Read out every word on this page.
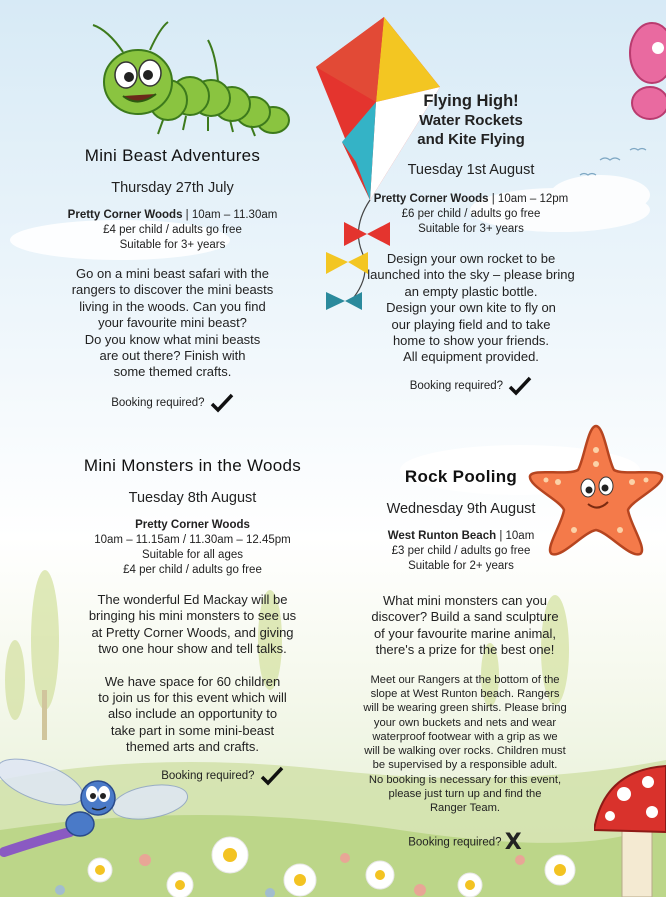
Mini Beast Adventures
Thursday 27th July
Pretty Corner Woods | 10am – 11.30am
£4 per child / adults go free
Suitable for 3+ years
Go on a mini beast safari with the
rangers to discover the mini beasts
living in the woods. Can you find
your favourite mini beast?
Do you know what mini beasts
are out there? Finish with
some themed crafts.
Booking required?
Flying High!
Water Rockets
and Kite Flying
Tuesday 1st August
Pretty Corner Woods | 10am – 12pm
£6 per child / adults go free
Suitable for 3+ years
Design your own rocket to be
launched into the sky – please bring
an empty plastic bottle.
Design your own kite to fly on
our playing field and to take
home to show your friends.
All equipment provided.
Booking required?
Mini Monsters in the Woods
Tuesday 8th August
Pretty Corner Woods
10am – 11.15am / 11.30am – 12.45pm
Suitable for all ages
£4 per child / adults go free
The wonderful Ed Mackay will be
bringing his mini monsters to see us
at Pretty Corner Woods, and giving
two one hour show and tell talks.
We have space for 60 children
to join us for this event which will
also include an opportunity to
take part in some mini-beast
themed arts and crafts.
Booking required?
Rock Pooling
Wednesday 9th August
West Runton Beach | 10am
£3 per child / adults go free
Suitable for 2+ years
What mini monsters can you
discover? Build a sand sculpture
of your favourite marine animal,
there's a prize for the best one!
Meet our Rangers at the bottom of the
slope at West Runton beach. Rangers
will be wearing green shirts. Please bring
your own buckets and nets and wear
waterproof footwear with a grip as we
will be walking over rocks. Children must
be supervised by a responsible adult.
No booking is necessary for this event,
please just turn up and find the
Ranger Team.
Booking required? X
